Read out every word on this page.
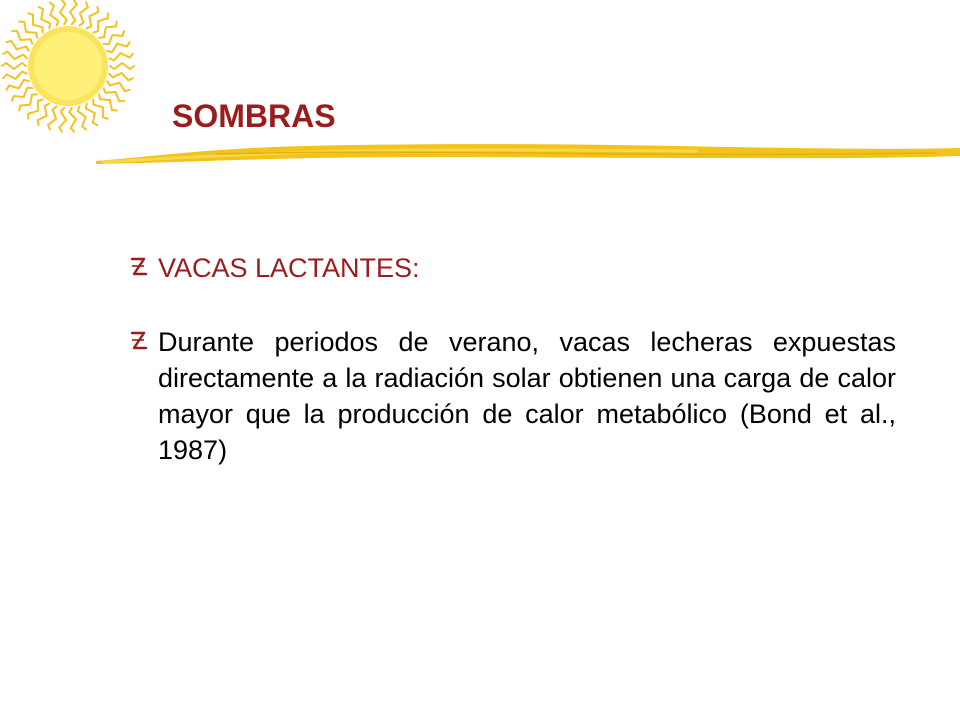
SOMBRAS
VACAS LACTANTES:
Durante periodos de verano, vacas lecheras expuestas directamente a la radiación solar obtienen una carga de calor mayor que la producción de calor metabólico (Bond et al., 1987)
